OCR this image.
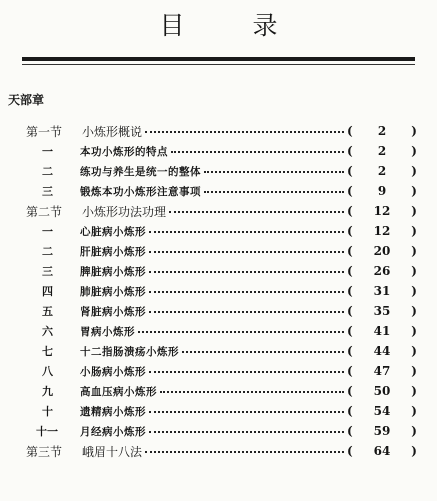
目 录
天部章
第一节	小炼形概说	( 2 )
一	本功小炼形的特点	( 2 )
二	练功与养生是统一的整体	( 2 )
三	锻炼本功小炼形注意事项	( 9 )
第二节	小炼形功法功理	( 12 )
一	心脏病小炼形	( 12 )
二	肝脏病小炼形	( 20 )
三	脾脏病小炼形	( 26 )
四	肺脏病小炼形	( 31 )
五	肾脏病小炼形	( 35 )
六	胃病小炼形	( 41 )
七	十二指肠溃疡小炼形	( 44 )
八	小肠病小炼形	( 47 )
九	高血压病小炼形	( 50 )
十	遗精病小炼形	( 54 )
十一	月经病小炼形	( 59 )
第三节	峨眉十八法	( 64 )
